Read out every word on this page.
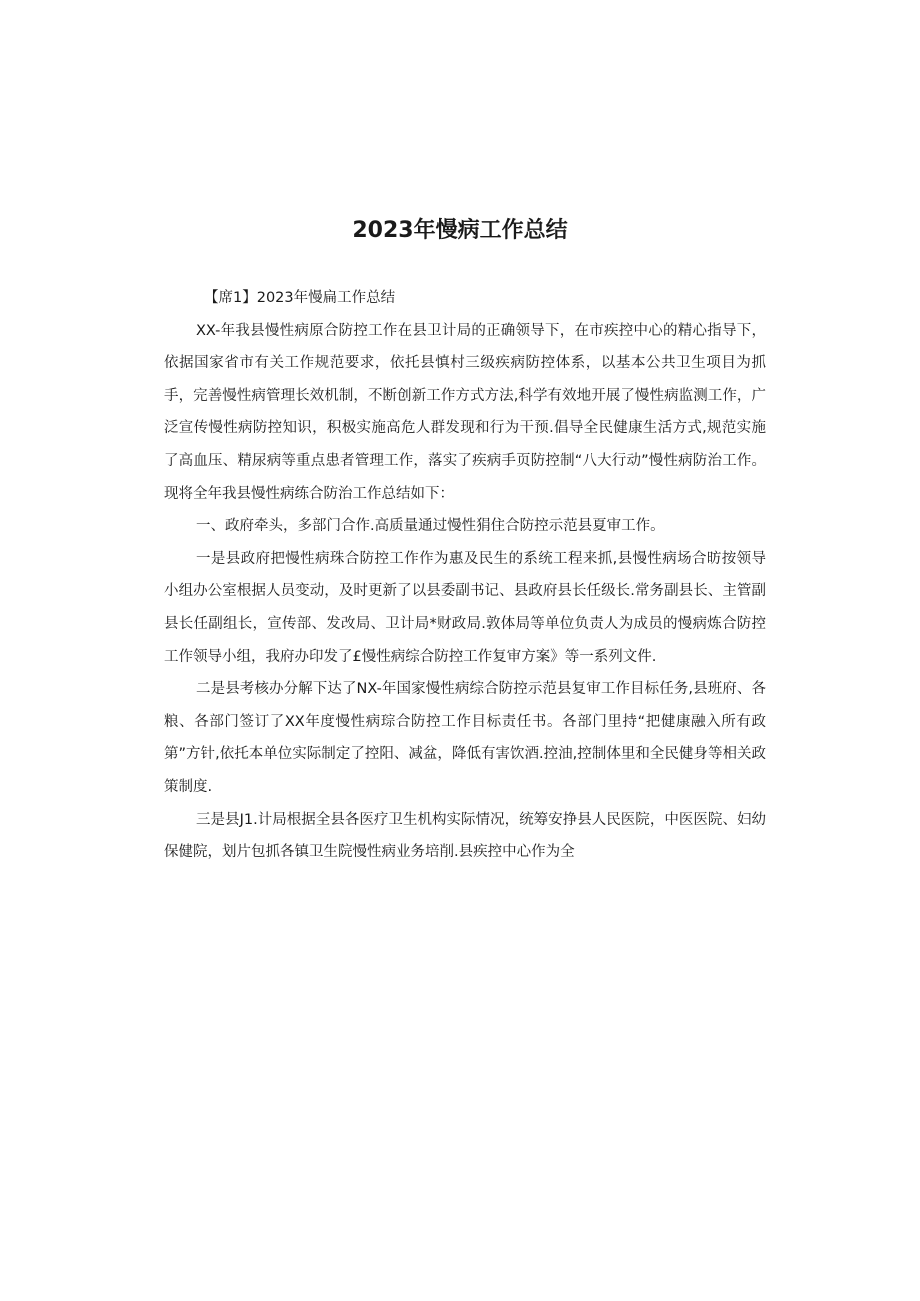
2023年慢病工作总结

【席1】2023年慢扁工作总结

XX-年我县慢性病原合防控工作在县卫计局的正确领导下，在市疾控中心的精心指导下，依据国家省市有关工作规范要求，依托县慎村三级疾病防控体系，以基本公共卫生项目为抓手，完善慢性病管理长效机制，不断创新工作方式方法,科学有效地开展了慢性病监测工作，广泛宣传慢性病防控知识，积极实施高危人群发现和行为干预.倡导全民健康生活方式,规范实施了高血压、精尿病等重点患者管理工作，落实了疾病手页防控制“八大行动”慢性病防治工作。现将全年我县慢性病练合防治工作总结如下：

一、政府牵头，多部门合作.高质量通过慢性狷住合防控示范县夏审工作。

一是县政府把慢性病珠合防控工作作为惠及民生的系统工程来抓,县慢性病场合昉按领导小组办公室根据人员变动，及时更新了以县委副书记、县政府县长任级长.常务副县长、主管副县长任副组长，宣传部、发改局、卫计局*财政局.敦体局等单位负责人为成员的慢病炼合防控工作领导小组，我府办印发了£慢性病综合防控工作复审方案》等一系列文件.

二是县考核办分解下达了NX-年国家慢性病综合防控示范县复审工作目标任务,县班府、各粮、各部门签订了XX年度慢性病琮合防控工作目标责任书。各部门里持“把健康融入所有政第”方针,依托本单位实际制定了控阳、减盆，降低有害饮酒.控油,控制体里和全民健身等相关政策制度.

三是县J1.计局根据全县各医疗卫生机构实际情况，统筹安挣县人民医院，中医医院、妇幼保健院，划片包抓各镇卫生院慢性病业务培削.县疾控中心作为全
